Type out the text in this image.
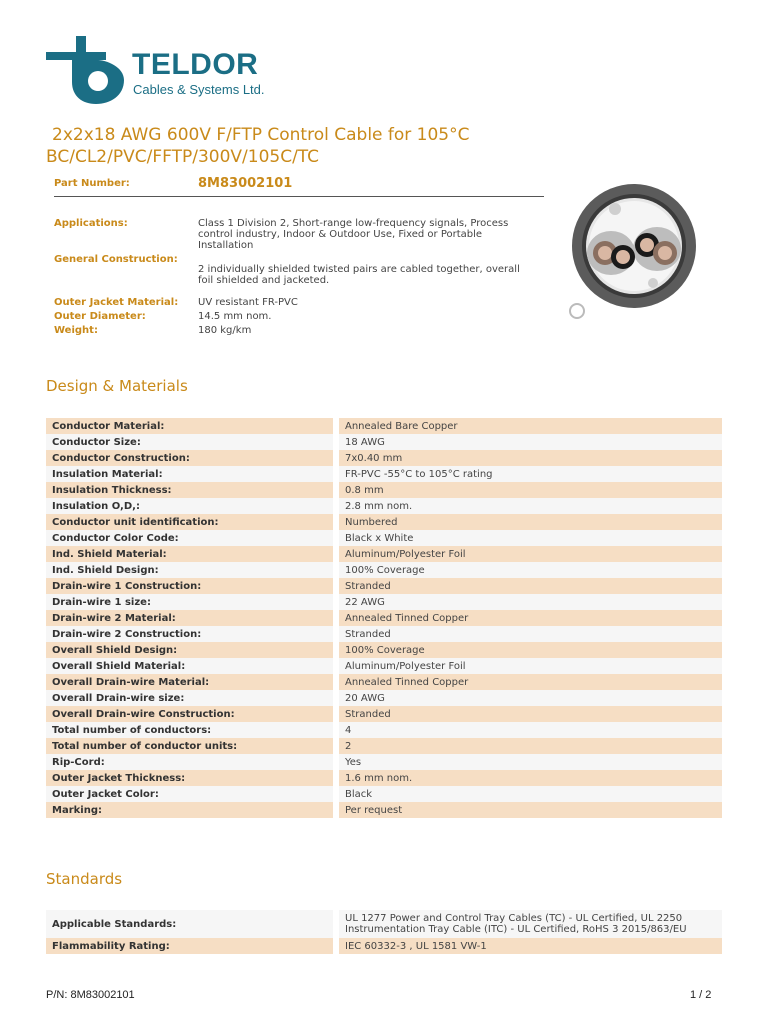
TELDOR
Cables & Systems Ltd.
2x2x18 AWG 600V F/FTP Control Cable for 105°C
BC/CL2/PVC/FFTP/300V/105C/TC
Part Number:	8M83002101
Applications:	Class 1 Division 2, Short-range low-frequency signals, Process control industry, Indoor & Outdoor Use, Fixed or Portable Installation
General Construction:
2 individually shielded twisted pairs are cabled together, overall foil shielded and jacketed.
Outer Jacket Material:	UV resistant FR-PVC
Outer Diameter:	14.5 mm nom.
Weight:	180 kg/km
Design & Materials
Conductor Material:	Annealed Bare Copper
Conductor Size:	18 AWG
Conductor Construction:	7x0.40 mm
Insulation Material:	FR-PVC -55°C to 105°C rating
Insulation Thickness:	0.8 mm
Insulation O,D,:	2.8 mm nom.
Conductor unit identification:	Numbered
Conductor Color Code:	Black x White
Ind. Shield Material:	Aluminum/Polyester Foil
Ind. Shield Design:	100% Coverage
Drain-wire 1 Construction:	Stranded
Drain-wire 1 size:	22 AWG
Drain-wire 2 Material:	Annealed Tinned Copper
Drain-wire 2 Construction:	Stranded
Overall Shield Design:	100% Coverage
Overall Shield Material:	Aluminum/Polyester Foil
Overall Drain-wire Material:	Annealed Tinned Copper
Overall Drain-wire size:	20 AWG
Overall Drain-wire Construction:	Stranded
Total number of conductors:	4
Total number of conductor units:	2
Rip-Cord:	Yes
Outer Jacket Thickness:	1.6 mm nom.
Outer Jacket Color:	Black
Marking:	Per request
Standards
Applicable Standards:	UL 1277 Power and Control Tray Cables (TC) - UL Certified, UL 2250 Instrumentation Tray Cable (ITC) - UL Certified, RoHS 3 2015/863/EU
Flammability Rating:	IEC 60332-3 , UL 1581 VW-1
P/N: 8M83002101	1 / 2
